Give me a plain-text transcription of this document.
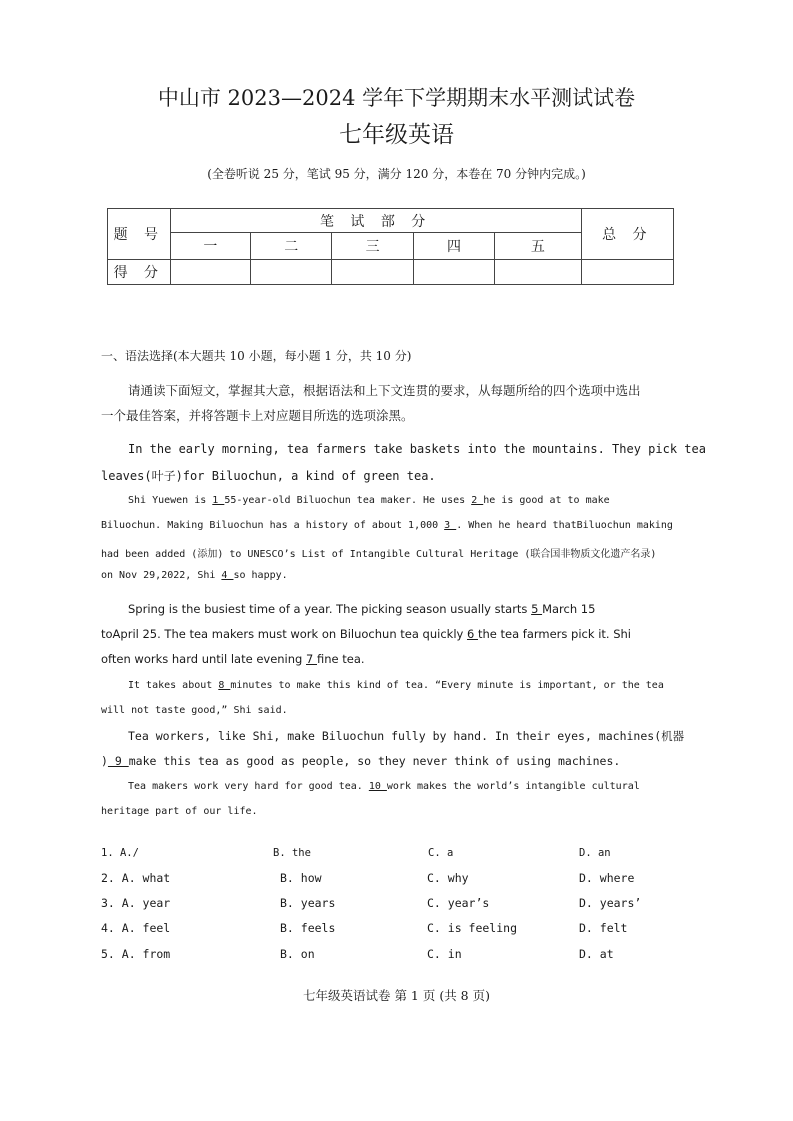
中山市 2023—2024 学年下学期期末水平测试试卷
七年级英语
(全卷听说 25 分，笔试 95 分，满分 120 分，本卷在 70 分钟内完成。)
题 号	笔 试 部 分					总 分
	一	二	三	四	五	
得 分						
一、语法选择(本大题共 10 小题，每小题 1 分，共 10 分)
请通读下面短文，掌握其大意，根据语法和上下文连贯的要求，从每题所给的四个选项中选出
一个最佳答案，并将答题卡上对应题目所选的选项涂黑。
In the early morning, tea farmers take baskets into the mountains. They pick tea
leaves(叶子)for Biluochun, a kind of green tea.
Shi Yuewen is 1 55-year-old Biluochun tea maker. He uses 2 he is good at to make
Biluochun. Making Biluochun has a history of about 1,000 3 . When he heard thatBiluochun making
had been added (添加) to UNESCO’s List of Intangible Cultural Heritage (联合国非物质文化遗产名录)
on Nov 29,2022, Shi 4 so happy.
Spring is the busiest time of a year. The picking season usually starts 5 March 15
toApril 25. The tea makers must work on Biluochun tea quickly 6 the tea farmers pick it. Shi
often works hard until late evening 7 fine tea.
It takes about 8 minutes to make this kind of tea. “Every minute is important, or the tea
will not taste good,” Shi said.
Tea workers, like Shi, make Biluochun fully by hand. In their eyes, machines(机器
) 9 make this tea as good as people, so they never think of using machines.
Tea makers work very hard for good tea. 10 work makes the world’s intangible cultural
heritage part of our life.
1. A./	B. the	C. a	D. an
2. A. what	B. how	C. why	D. where
3. A. year	B. years	C. year’s	D. years’
4. A. feel	B. feels	C. is feeling	D. felt
5. A. from	B. on	C. in	D. at
七年级英语试卷 第 1 页 (共 8 页)
